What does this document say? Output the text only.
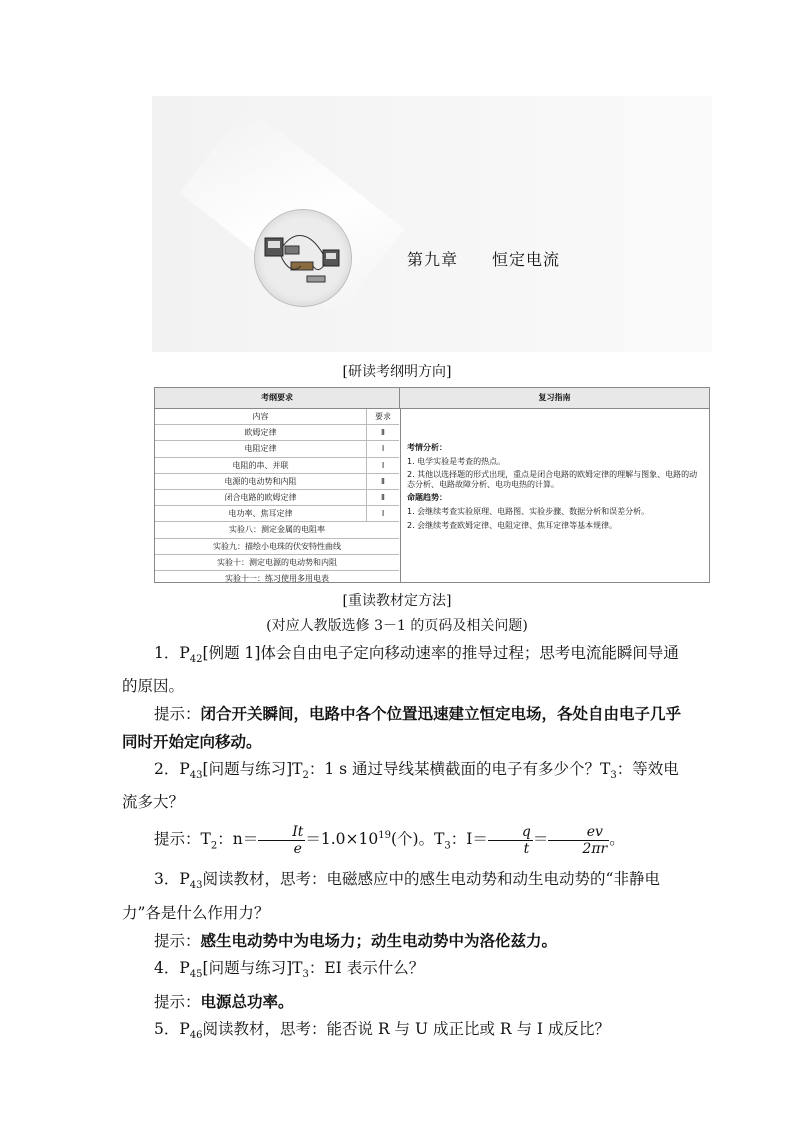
第九章　　恒定电流
[研读考纲明方向]
考纲要求	复习指南
内容	要求
欧姆定律	Ⅱ
电阻定律	Ⅰ
电阻的串、并联	Ⅰ
电源的电动势和内阻	Ⅱ
闭合电路的欧姆定律	Ⅱ
电功率、焦耳定律	Ⅰ
实验八：测定金属的电阻率
实验九：描绘小电珠的伏安特性曲线
实验十：测定电源的电动势和内阻
实验十一：练习使用多用电表

考情分析：

1. 电学实验是考查的热点。

2. 其他以选择题的形式出现，重点是闭合电路的欧姆定律的理解与图象、电路的动态分析、电路故障分析、电功电热的计算。

命题趋势：

1. 会继续考查实验原理、电路图、实验步骤、数据分析和误差分析。

2. 会继续考查欧姆定律、电阻定律、焦耳定律等基本规律。

[重读教材定方法]
(对应人教版选修 3－1 的页码及相关问题)

1．$P_{42}$[例题 1]体会自由电子定向移动速率的推导过程；思考电流能瞬间导通的原因。

提示：闭合开关瞬间，电路中各个位置迅速建立恒定电场，各处自由电子几乎同时开始定向移动。

2．$P_{43}$[问题与练习]$T_2$：1 s 通过导线某横截面的电子有多少个？$T_3$：等效电流多大？

提示：$T_2$：$n= \frac{It}{e} =1.0\times 10^{19}$(个)。$T_3$：$I= \frac{q}{t} = \frac{ev}{2\pi r}$ 。

3．$P_{43}$阅读教材，思考：电磁感应中的感生电动势和动生电动势的“非静电力”各是什么作用力？

提示：感生电动势中为电场力；动生电动势中为洛伦兹力。

4．$P_{45}$[问题与练习]$T_3$：EI 表示什么？

提示：电源总功率。

5．$P_{46}$阅读教材，思考：能否说 R 与 U 成正比或 R 与 I 成反比？
